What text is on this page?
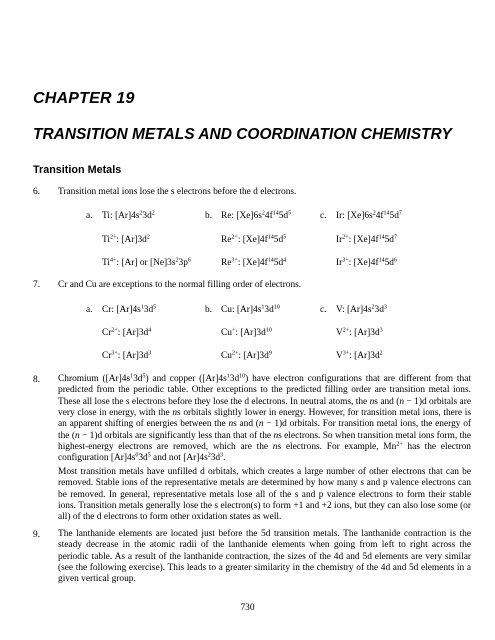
CHAPTER 19
TRANSITION METALS AND COORDINATION CHEMISTRY
Transition Metals

6. Transition metal ions lose the s electrons before the d electrons.

a. Ti: $[Ar]4s^23d^2$	b. Re: $[Xe]6s^24f^{14}5d^5$	c. Ir: $[Xe]6s^24f^{14}5d^7$
$Ti^{2+}$: $[Ar]3d^2$	$Re^{2+}$: $[Xe]4f^{14}5d^5$	$Ir^{2+}$: $[Xe]4f^{14}5d^7$
$Ti^{4+}$: [Ar] or $[Ne]3s^23p^6$	$Re^{3+}$: $[Xe]4f^{14}5d^4$	$Ir^{3+}$: $[Xe]4f^{14}5d^6$

7. Cr and Cu are exceptions to the normal filling order of electrons.

a. Cr: $[Ar]4s^13d^5$	b. Cu: $[Ar]4s^13d^{10}$	c. V: $[Ar]4s^23d^3$
$Cr^{2+}$: $[Ar]3d^4$	Cu+: $[Ar]3d^{10}$	$V^{2+}$: $[Ar]3d^3$
$Cr^{3+}$: $[Ar]3d^3$	$Cu^{2+}$: $[Ar]3d^9$	$V^{3+}$: $[Ar]3d^2$

8. Chromium $([Ar]4s^13d^5)$ and copper $([Ar]4s^13d^{10})$ have electron configurations that are different from that predicted from the periodic table. Other exceptions to the predicted filling order are transition metal ions. These all lose the s electrons before they lose the d electrons. In neutral atoms, the ns and (n − 1)d orbitals are very close in energy, with the ns orbitals slightly lower in energy. However, for transition metal ions, there is an apparent shifting of energies between the ns and (n − 1)d orbitals. For transition metal ions, the energy of the (n − 1)d orbitals are significantly less than that of the ns electrons. So when transition metal ions form, the highest-energy electrons are removed, which are the ns electrons. For example, $Mn^{2+}$ has the electron configuration $[Ar]4s^03d^5$ and not $[Ar]4s^23d^3$.

Most transition metals have unfilled d orbitals, which creates a large number of other electrons that can be removed. Stable ions of the representative metals are determined by how many s and p valence electrons can be removed. In general, representative metals lose all of the s and p valence electrons to form their stable ions. Transition metals generally lose the s electron(s) to form +1 and +2 ions, but they can also lose some (or all) of the d electrons to form other oxidation states as well.

9. The lanthanide elements are located just before the 5d transition metals. The lanthanide contraction is the steady decrease in the atomic radii of the lanthanide elements when going from left to right across the periodic table. As a result of the lanthanide contraction, the sizes of the 4d and 5d elements are very similar (see the following exercise). This leads to a greater similarity in the chemistry of the 4d and 5d elements in a given vertical group.

730
